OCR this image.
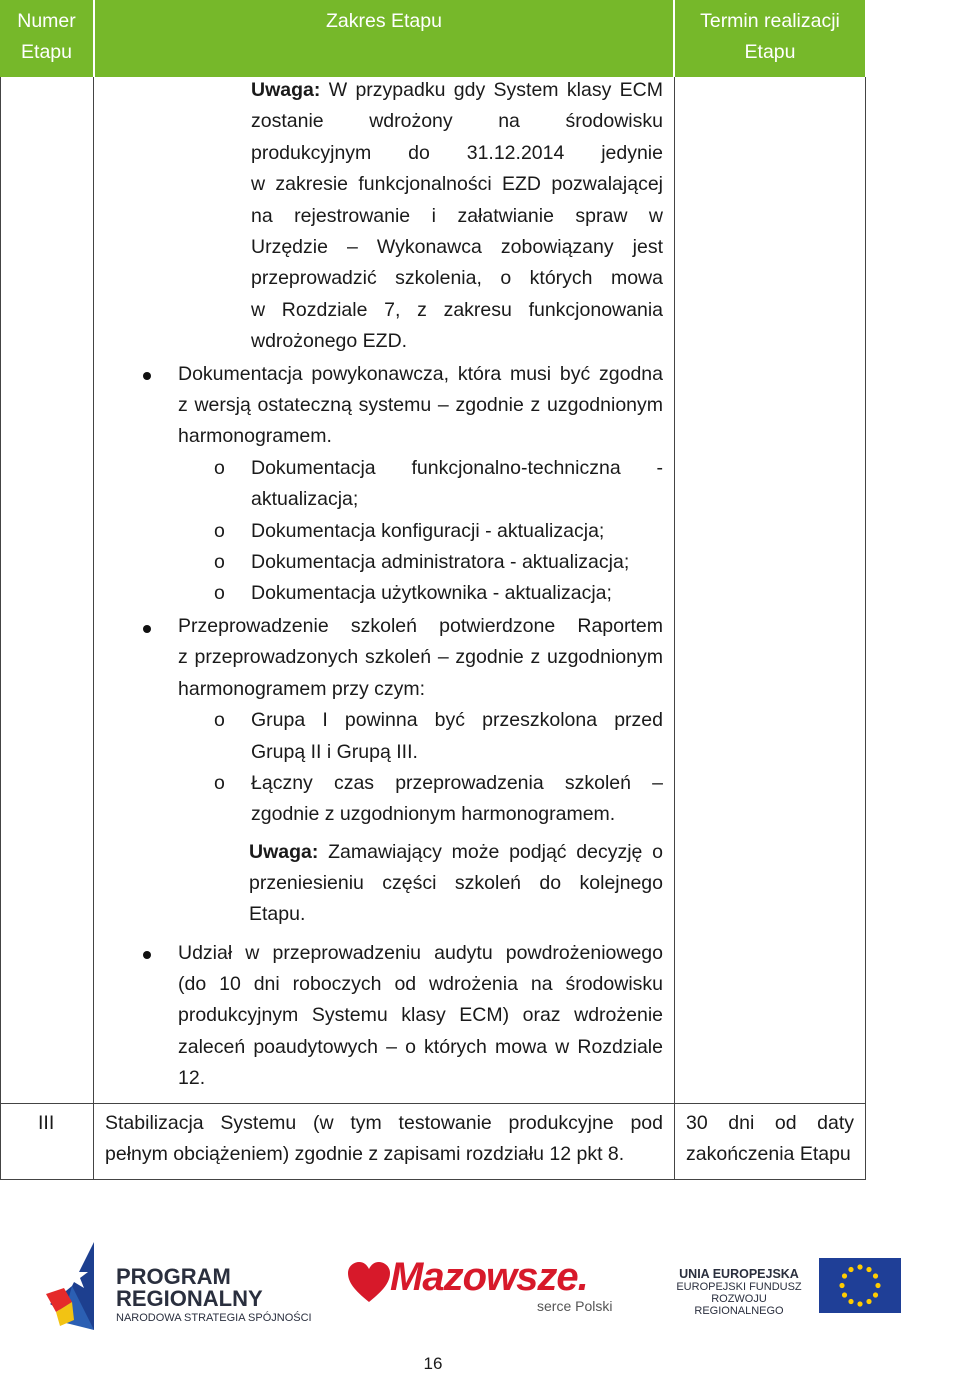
Numer
Etapu
Zakres Etapu	Termin realizacji
Etapu

Uwaga: W przypadku gdy System klasy ECM

zostanie wdrożony na środowisku

produkcyjnym do 31.12.2014 jedynie

w zakresie funkcjonalności EZD pozwalającej

na rejestrowanie i załatwianie spraw w

Urzędzie – Wykonawca zobowiązany jest

przeprowadzić szkolenia, o których mowa

w Rozdziale 7, z zakresu funkcjonowania

wdrożonego EZD.

Dokumentacja powykonawcza, która musi być zgodna

z wersją ostateczną systemu – zgodnie z uzgodnionym

harmonogramem.

o Dokumentacja funkcjonalno-techniczna -

aktualizacja;

o Dokumentacja konfiguracji - aktualizacja;

o Dokumentacja administratora - aktualizacja;

o Dokumentacja użytkownika - aktualizacja;

Przeprowadzenie szkoleń potwierdzone Raportem

z przeprowadzonych szkoleń – zgodnie z uzgodnionym

harmonogramem przy czym:

o Grupa I powinna być przeszkolona przed

Grupą II i Grupą III.

o Łączny czas przeprowadzenia szkoleń –

zgodnie z uzgodnionym harmonogramem.

Uwaga: Zamawiający może podjąć decyzję o

przeniesieniu części szkoleń do kolejnego

Etapu.

Udział w przeprowadzeniu audytu powdrożeniowego

(do 10 dni roboczych od wdrożenia na środowisku

produkcyjnym Systemu klasy ECM) oraz wdrożenie

zaleceń poaudytowych – o których mowa w Rozdziale

12.

III	Stabilizacja Systemu (w tym testowanie produkcyjne pod

pełnym obciążeniem) zgodnie z zapisami rozdziału 12 pkt 8.

30 dni od daty

zakończenia Etapu

PROGRAM
REGIONALNY
NARODOWA STRATEGIA SPÓJNOŚCI
Mazowsze.
serce Polski
UNIA EUROPEJSKA
EUROPEJSKI FUNDUSZ
ROZWOJU REGIONALNEGO
16
